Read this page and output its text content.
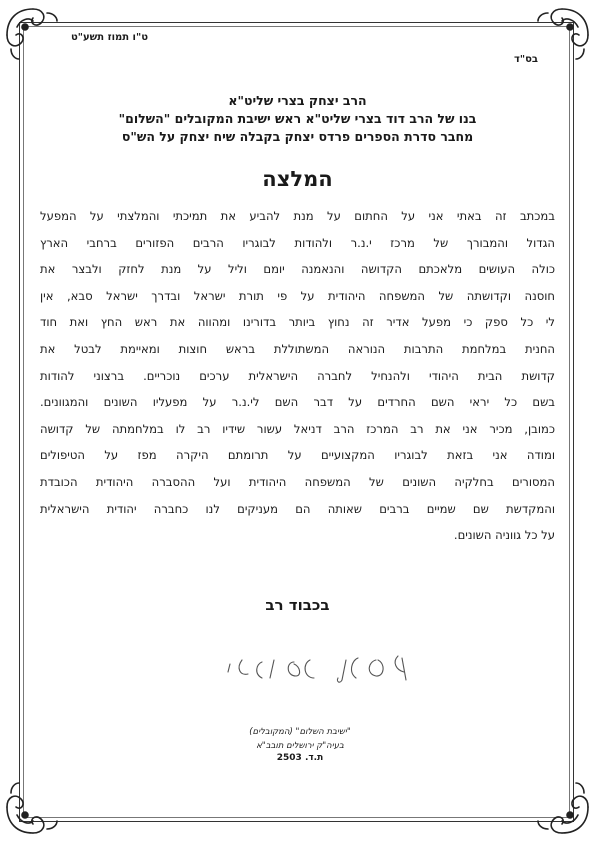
ט"ו תמוז תשע"ט
בס"ד
הרב יצחק בצרי שליט"א
בנו של הרב דוד בצרי שליט"א ראש ישיבת המקובלים "השלום"
מחבר סדרת הספרים פרדס יצחק בקבלה שיח יצחק על הש"ס
המלצה
במכתב זה באתי אני על החתום על מנת להביע את תמיכתי והמלצתי על המפעל
הגדול והמבורך של מרכז י.נ.ר ולהודות לבוגריו הרבים הפזורים ברחבי הארץ
כולה העושים מלאכתם הקדושה והנאמנה יומם וליל על מנת לחזק ולבצר את
חוסנה וקדושתה של המשפחה היהודית על פי תורת ישראל ובדרך ישראל סבא, אין
לי כל ספק כי מפעל אדיר זה נחוץ ביותר בדורינו ומהווה את ראש החץ ואת חוד
החנית במלחמת התרבות הנוראה המשתוללת בראש חוצות ומאיימת לבטל את
קדושת הבית היהודי ולהנחיל לחברה הישראלית ערכים נוכריים. ברצוני להודות
בשם כל יראי השם החרדים על דבר השם לי.נ.ר על מפעליו השונים והמגוונים.
כמובן, מכיר אני את רב המרכז הרב דניאל עשור שידיו רב לו במלחמתה של קדושה
ומודה אני בזאת לבוגריו המקצועיים על תרומתם היקרה מפז על הטיפולים
המסורים בחלקיה השונים של המשפחה היהודית ועל ההסברה היהודית הכובדת
והמקדשת שם שמיים ברבים שאותה הם מעניקים לנו כחברה יהודית הישראלית
על כל גווניה השונים.
בכבוד רב
"ישיבת השלום" (המקובלים)
בעיה"ק ירושלים תובב"א
ת.ד. 2503
